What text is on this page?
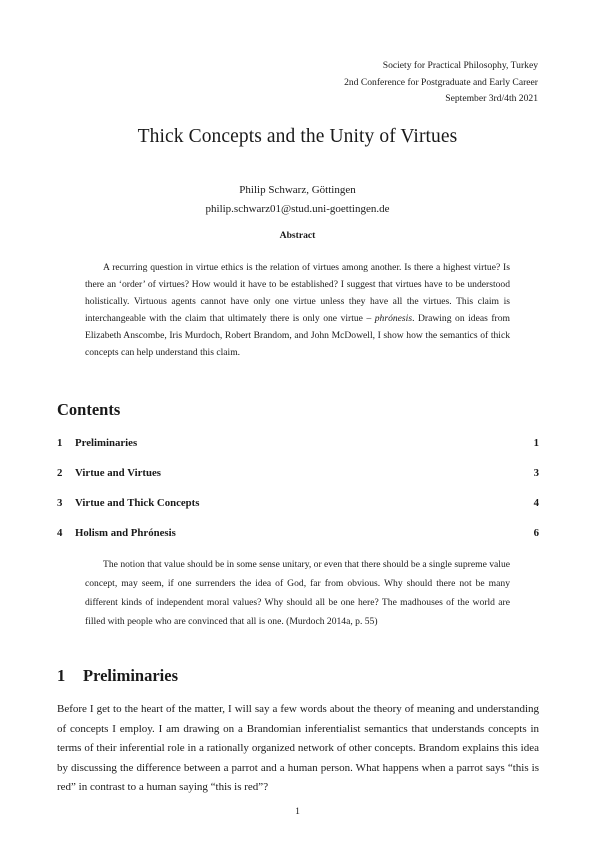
Society for Practical Philosophy, Turkey
2nd Conference for Postgraduate and Early Career
September 3rd/4th 2021
Thick Concepts and the Unity of Virtues
Philip Schwarz, Göttingen
philip.schwarz01@stud.uni-goettingen.de
Abstract

A recurring question in virtue ethics is the relation of virtues among another. Is there a highest virtue? Is there an ‘order’ of virtues? How would it have to be established? I suggest that virtues have to be understood holistically. Virtuous agents cannot have only one virtue unless they have all the virtues. This claim is interchangeable with the claim that ultimately there is only one virtue – phrónesis. Drawing on ideas from Elizabeth Anscombe, Iris Murdoch, Robert Brandom, and John McDowell, I show how the semantics of thick concepts can help understand this claim.

Contents
1	Preliminaries	1
2	Virtue and Virtues	3
3	Virtue and Thick Concepts	4
4	Holism and Phrónesis	6

The notion that value should be in some sense unitary, or even that there should be a single supreme value concept, may seem, if one surrenders the idea of God, far from obvious. Why should there not be many different kinds of independent moral values? Why should all be one here? The madhouses of the world are filled with people who are convinced that all is one. (Murdoch 2014a, p. 55)

1 Preliminaries

Before I get to the heart of the matter, I will say a few words about the theory of meaning and understanding of concepts I employ. I am drawing on a Brandomian inferentialist semantics that understands concepts in terms of their inferential role in a rationally organized network of other concepts. Brandom explains this idea by discussing the difference between a parrot and a human person. What happens when a parrot says “this is red” in contrast to a human saying “this is red”?

1
